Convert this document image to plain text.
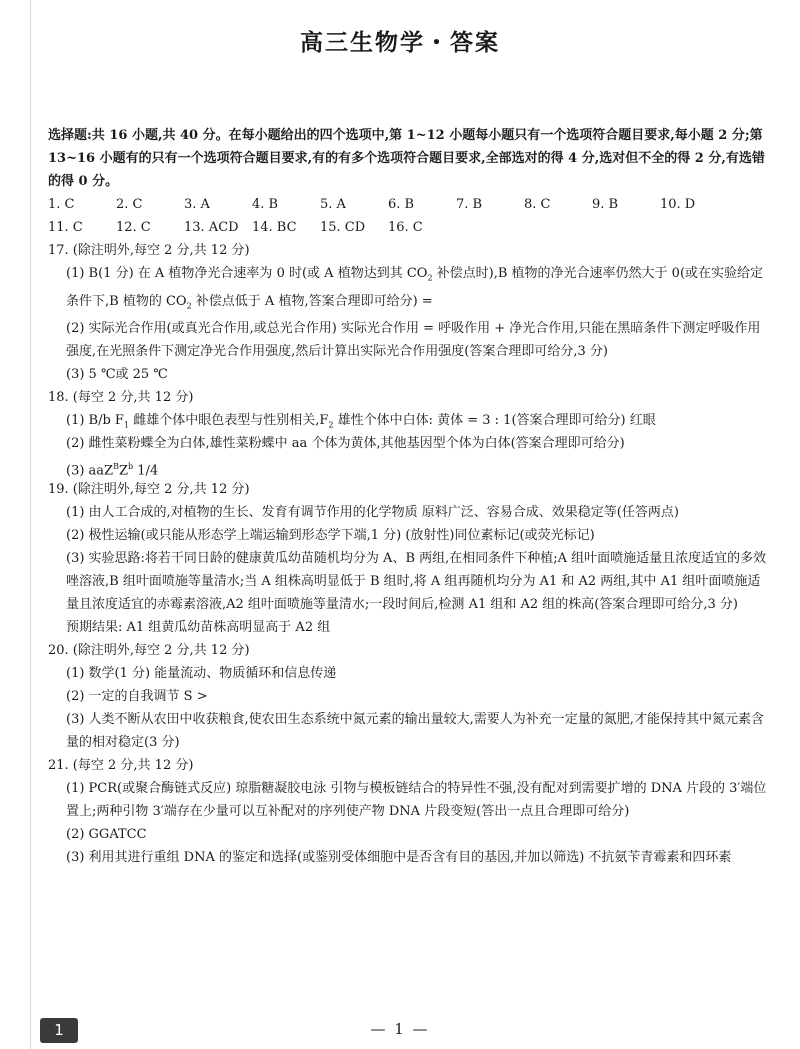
高三生物学・答案

选择题:共 16 小题,共 40 分。在每小题给出的四个选项中,第 1~12 小题每小题只有一个选项符合题目要求,每小题 2 分;第 13~16 小题有的只有一个选项符合题目要求,有的有多个选项符合题目要求,全部选对的得 4 分,选对但不全的得 2 分,有选错的得 0 分。

1. C	2. C	3. A	4. B	5. A	6. B	7. B	8. C	9. B	10. D
11. C	12. C	13. ACD	14. BC	15. CD	16. C

17. (除注明外,每空 2 分,共 12 分)

(1) B(1 分) 在 A 植物净光合速率为 0 时(或 A 植物达到其 $CO_2$ 补偿点时),B 植物的净光合速率仍然大于 0(或在实验给定条件下,B 植物的 $CO_2$ 补偿点低于 A 植物,答案合理即可给分) =

(2) 实际光合作用(或真光合作用,或总光合作用) 实际光合作用 = 呼吸作用 + 净光合作用,只能在黑暗条件下测定呼吸作用强度,在光照条件下测定净光合作用强度,然后计算出实际光合作用强度(答案合理即可给分,3 分)

(3) 5 ℃或 25 ℃

18. (每空 2 分,共 12 分)

(1) B/b $F_1$ 雌雄个体中眼色表型与性别相关$,F_2$ 雄性个体中白体: 黄体 = 3 : 1(答案合理即可给分) 红眼

(2) 雌性菜粉蝶全为白体,雄性菜粉蝶中 aa 个体为黄体,其他基因型个体为白体(答案合理即可给分)

(3) $aaZ^BZ^b$ 1/4

19. (除注明外,每空 2 分,共 12 分)

(1) 由人工合成的,对植物的生长、发育有调节作用的化学物质 原料广泛、容易合成、效果稳定等(任答两点)

(2) 极性运输(或只能从形态学上端运输到形态学下端,1 分) (放射性)同位素标记(或荧光标记)

(3) 实验思路:将若干同日龄的健康黄瓜幼苗随机均分为 A、B 两组,在相同条件下种植;A 组叶面喷施适量且浓度适宜的多效唑溶液,B 组叶面喷施等量清水;当 A 组株高明显低于 B 组时,将 A 组再随机均分为 A1 和 A2 两组,其中 A1 组叶面喷施适量且浓度适宜的赤霉素溶液,A2 组叶面喷施等量清水;一段时间后,检测 A1 组和 A2 组的株高(答案合理即可给分,3 分)

预期结果: A1 组黄瓜幼苗株高明显高于 A2 组

20. (除注明外,每空 2 分,共 12 分)

(1) 数学(1 分) 能量流动、物质循环和信息传递

(2) 一定的自我调节 S >

(3) 人类不断从农田中收获粮食,使农田生态系统中氮元素的输出量较大,需要人为补充一定量的氮肥,才能保持其中氮元素含量的相对稳定(3 分)

21. (每空 2 分,共 12 分)

(1) PCR(或聚合酶链式反应) 琼脂糖凝胶电泳 引物与模板链结合的特异性不强,没有配对到需要扩增的 DNA 片段的 3′端位置上;两种引物 3′端存在少量可以互补配对的序列使产物 DNA 片段变短(答出一点且合理即可给分)

(2) GGATCC

(3) 利用其进行重组 DNA 的鉴定和选择(或鉴别受体细胞中是否含有目的基因,并加以筛选) 不抗氨苄青霉素和四环素

1	— 1 —
